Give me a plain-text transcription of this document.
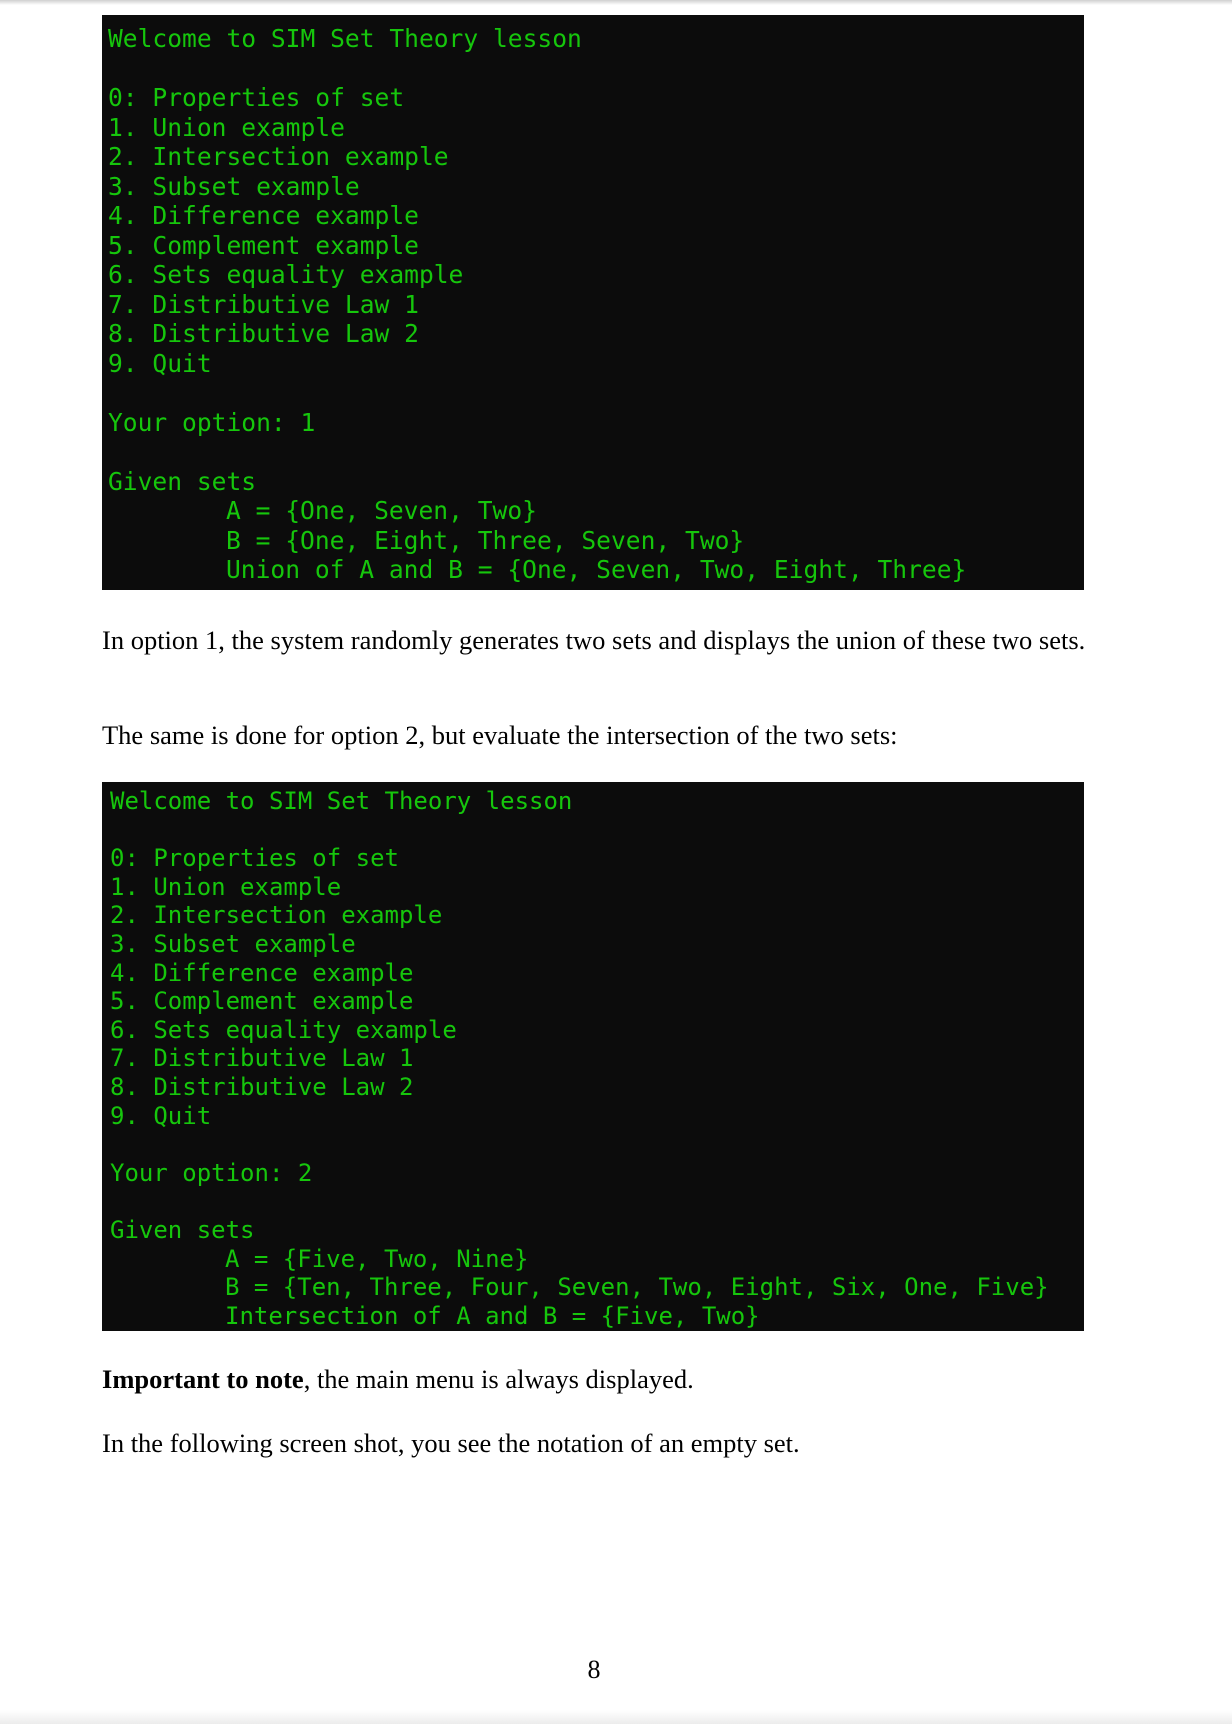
Welcome to SIM Set Theory lesson
0: Properties of set
1. Union example
2. Intersection example
3. Subset example
4. Difference example
5. Complement example
6. Sets equality example
7. Distributive Law 1
8. Distributive Law 2
9. Quit
Your option: 1
Given sets
A = {One, Seven, Two}
B = {One, Eight, Three, Seven, Two}
Union of A and B = {One, Seven, Two, Eight, Three}

In option 1, the system randomly generates two sets and displays the union of these two sets.

The same is done for option 2, but evaluate the intersection of the two sets:

Welcome to SIM Set Theory lesson
0: Properties of set
1. Union example
2. Intersection example
3. Subset example
4. Difference example
5. Complement example
6. Sets equality example
7. Distributive Law 1
8. Distributive Law 2
9. Quit
Your option: 2
Given sets
A = {Five, Two, Nine}
B = {Ten, Three, Four, Seven, Two, Eight, Six, One, Five}
Intersection of A and B = {Five, Two}

Important to note, the main menu is always displayed.

In the following screen shot, you see the notation of an empty set.

8
